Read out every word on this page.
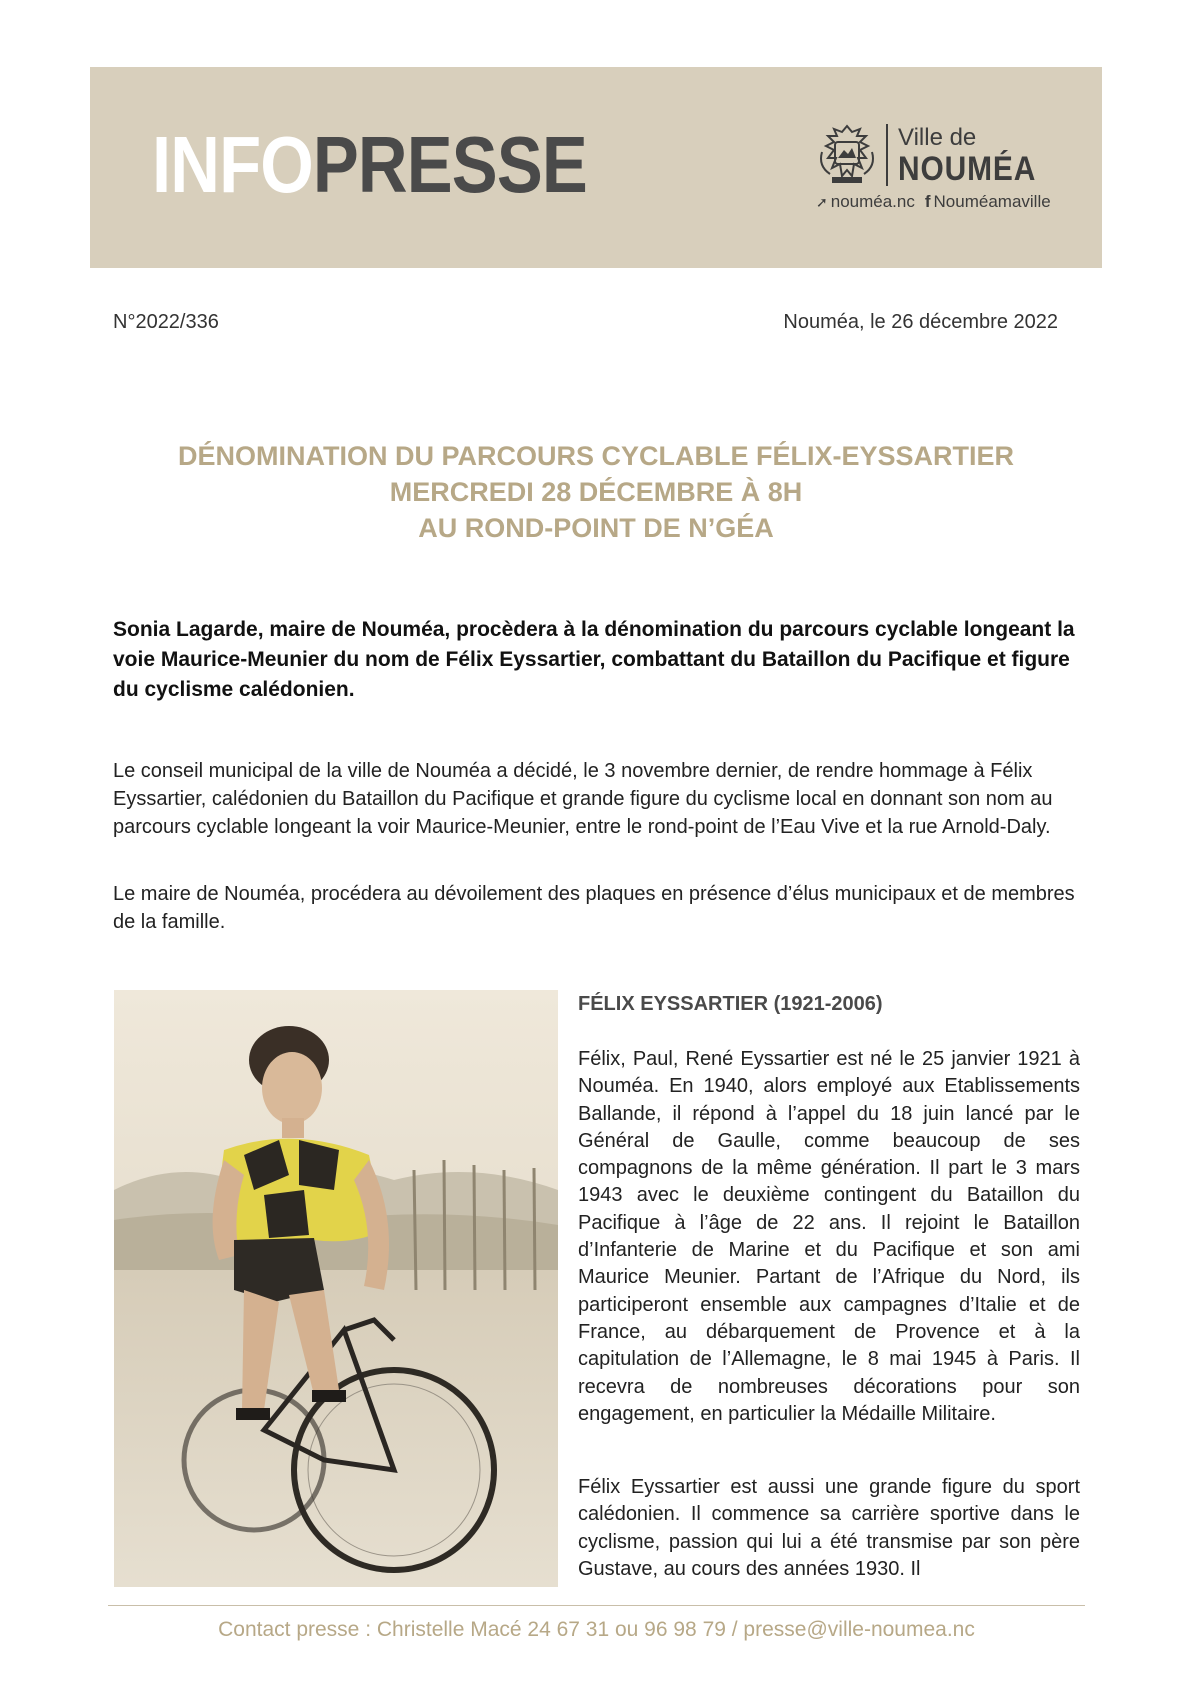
INFOPRESSE	Ville de
NOUMÉA
➚ nouméa.nc f Nouméamaville
N°2022/336	Nouméa, le 26 décembre 2022
DÉNOMINATION DU PARCOURS CYCLABLE FÉLIX-EYSSARTIER
MERCREDI 28 DÉCEMBRE À 8H
AU ROND-POINT DE N’GÉA
Sonia Lagarde, maire de Nouméa, procèdera à la dénomination du parcours cyclable longeant la voie Maurice-Meunier du nom de Félix Eyssartier, combattant du Bataillon du Pacifique et figure du cyclisme calédonien.
Le conseil municipal de la ville de Nouméa a décidé, le 3 novembre dernier, de rendre hommage à Félix Eyssartier, calédonien du Bataillon du Pacifique et grande figure du cyclisme local en donnant son nom au parcours cyclable longeant la voir Maurice-Meunier, entre le rond-point de l’Eau Vive et la rue Arnold-Daly.
Le maire de Nouméa, procédera au dévoilement des plaques en présence d’élus municipaux et de membres de la famille.
FÉLIX EYSSARTIER (1921-2006)
Félix, Paul, René Eyssartier est né le 25 janvier 1921 à Nouméa. En 1940, alors employé aux Etablissements Ballande, il répond à l’appel du 18 juin lancé par le Général de Gaulle, comme beaucoup de ses compagnons de la même génération. Il part le 3 mars 1943 avec le deuxième contingent du Bataillon du Pacifique à l’âge de 22 ans. Il rejoint le Bataillon d’Infanterie de Marine et du Pacifique et son ami Maurice Meunier. Partant de l’Afrique du Nord, ils participeront ensemble aux campagnes d’Italie et de France, au débarquement de Provence et à la capitulation de l’Allemagne, le 8 mai 1945 à Paris. Il recevra de nombreuses décorations pour son engagement, en particulier la Médaille Militaire.
Félix Eyssartier est aussi une grande figure du sport calédonien. Il commence sa carrière sportive dans le cyclisme, passion qui lui a été transmise par son père Gustave, au cours des années 1930. Il
Contact presse : Christelle Macé 24 67 31 ou 96 98 79 / presse@ville-noumea.nc
